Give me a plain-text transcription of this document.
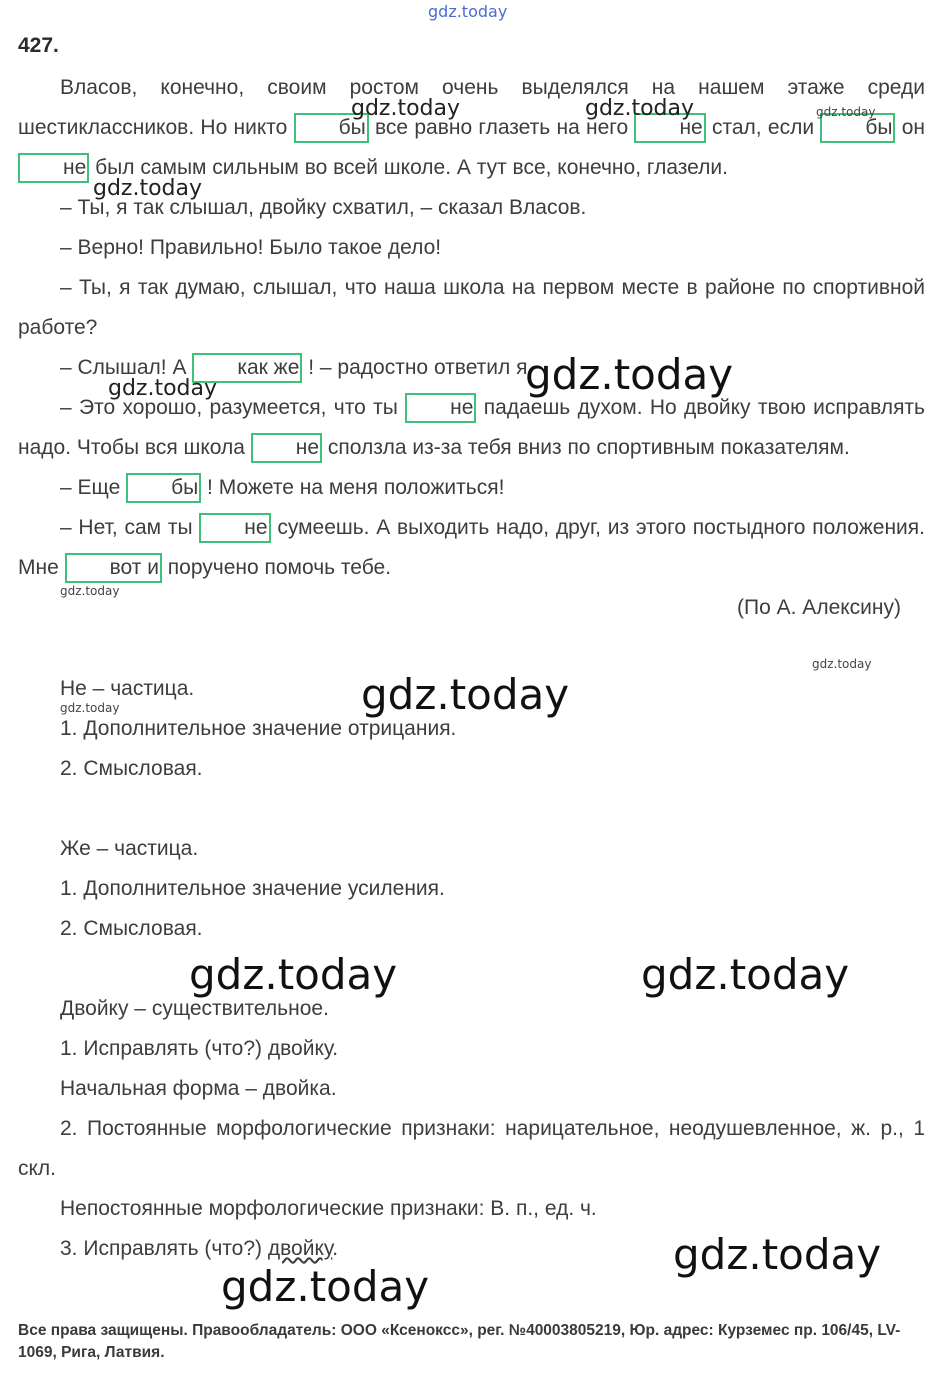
427.

Власов, конечно, своим ростом очень выделялся на нашем этаже среди шестиклассников. Но никто бы все равно глазеть на него не стал, если бы он не был самым сильным во всей школе. А тут все, конечно, глазели.

– Ты, я так слышал, двойку схватил, – сказал Власов.

– Верно! Правильно! Было такое дело!

– Ты, я так думаю, слышал, что наша школа на первом месте в районе по спортивной работе?

– Слышал! А как же ! – радостно ответил я.

– Это хорошо, разумеется, что ты не падаешь духом. Но двойку твою исправлять надо. Чтобы вся школа не сползла из-за тебя вниз по спортивным показателям.

– Еще бы ! Можете на меня положиться!

– Нет, сам ты не сумеешь. А выходить надо, друг, из этого постыдного положения. Мне вот и поручено помочь тебе.

(По А. Алексину)

Не – частица.

1. Дополнительное значение отрицания.

2. Смысловая.

Же – частица.

1. Дополнительное значение усиления.

2. Смысловая.

Двойку – существительное.

1. Исправлять (что?) двойку.

Начальная форма – двойка.

2. Постоянные морфологические признаки: нарицательное, неодушевленное, ж. р., 1 скл.

Непостоянные морфологические признаки: В. п., ед. ч.

3. Исправлять (что?) двойку.

Все права защищены. Правообладатель: ООО «Ксеноксс», рег. №40003805219, Юр. адрес: Курземес пр. 106/45, LV-1069, Рига, Латвия.
gdz.today
gdz.today	gdz.today	gdz.today
gdz.today
gdz.today
gdz.today
gdz.today
gdz.today
gdz.today
gdz.today
gdz.today	gdz.today
gdz.today
gdz.today
